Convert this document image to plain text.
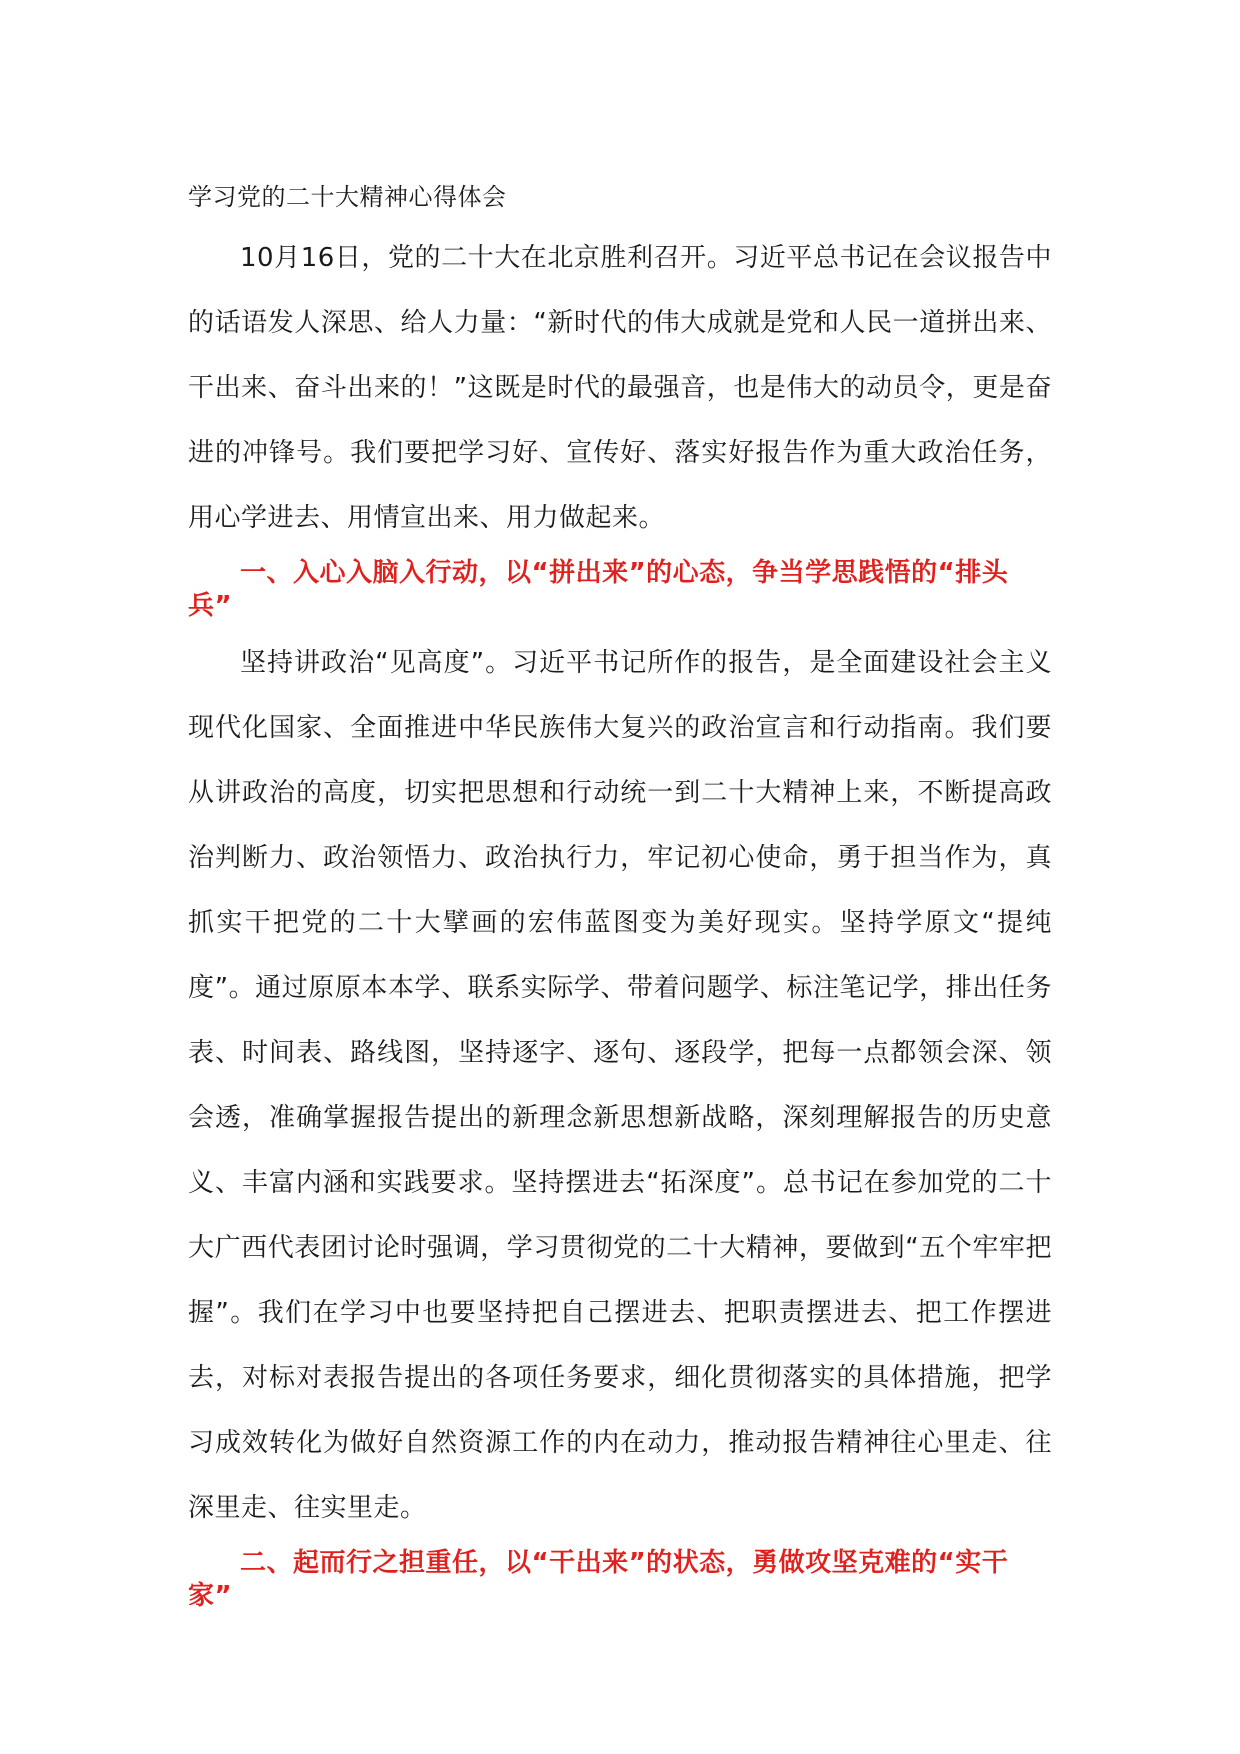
学习党的二十大精神心得体会

10月16日，党的二十大在北京胜利召开。习近平总书记在会议报告中的话语发人深思、给人力量：“新时代的伟大成就是党和人民一道拼出来、干出来、奋斗出来的！”这既是时代的最强音，也是伟大的动员令，更是奋进的冲锋号。我们要把学习好、宣传好、落实好报告作为重大政治任务，用心学进去、用情宣出来、用力做起来。

一、入心入脑入行动，以“拼出来”的心态，争当学思践悟的“排头兵”

坚持讲政治“见高度”。习近平书记所作的报告，是全面建设社会主义现代化国家、全面推进中华民族伟大复兴的政治宣言和行动指南。我们要从讲政治的高度，切实把思想和行动统一到二十大精神上来，不断提高政治判断力、政治领悟力、政治执行力，牢记初心使命，勇于担当作为，真抓实干把党的二十大擘画的宏伟蓝图变为美好现实。坚持学原文“提纯度”。通过原原本本学、联系实际学、带着问题学、标注笔记学，排出任务表、时间表、路线图，坚持逐字、逐句、逐段学，把每一点都领会深、领会透，准确掌握报告提出的新理念新思想新战略，深刻理解报告的历史意义、丰富内涵和实践要求。坚持摆进去“拓深度”。总书记在参加党的二十大广西代表团讨论时强调，学习贯彻党的二十大精神，要做到“五个牢牢把握”。我们在学习中也要坚持把自己摆进去、把职责摆进去、把工作摆进去，对标对表报告提出的各项任务要求，细化贯彻落实的具体措施，把学习成效转化为做好自然资源工作的内在动力，推动报告精神往心里走、往深里走、往实里走。

二、起而行之担重任，以“干出来”的状态，勇做攻坚克难的“实干家”
